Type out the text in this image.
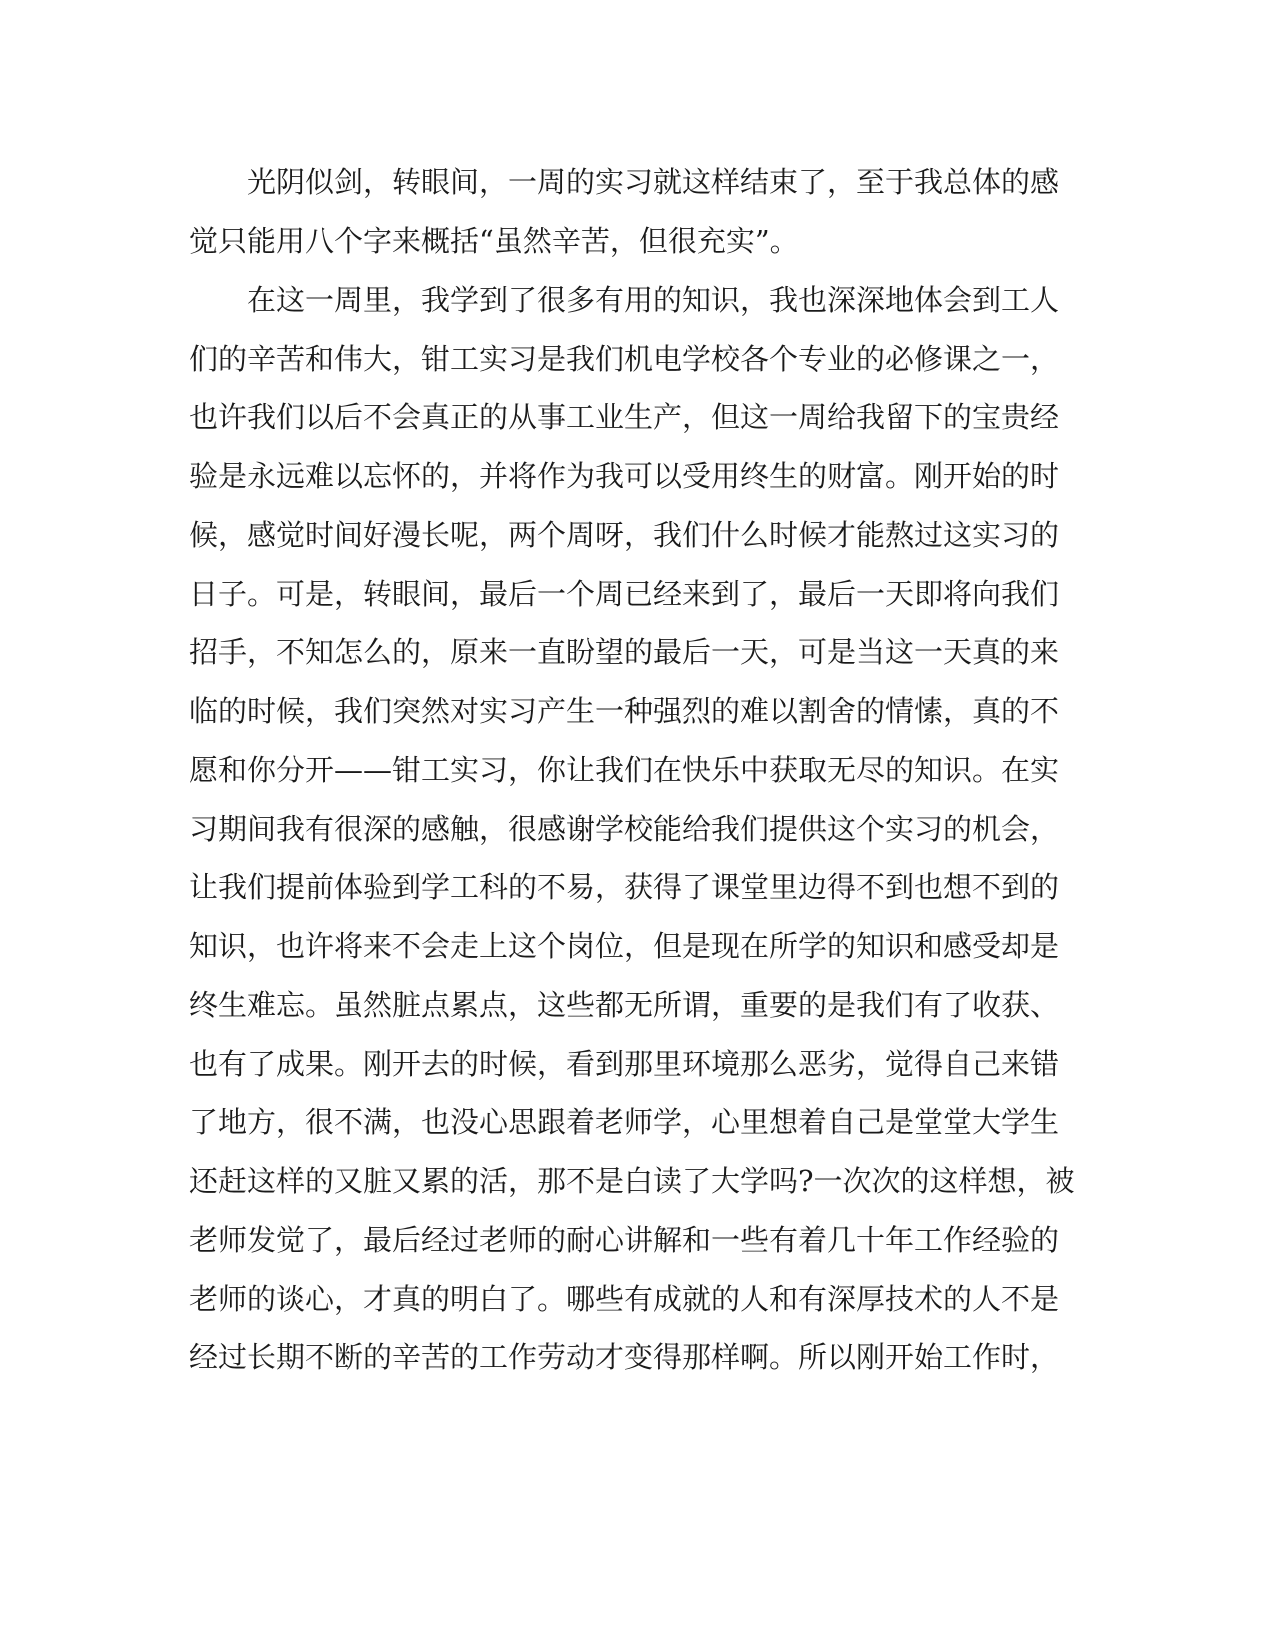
　　光阴似剑，转眼间，一周的实习就这样结束了，至于我总体的感

觉只能用八个字来概括“虽然辛苦，但很充实”。

　　在这一周里，我学到了很多有用的知识，我也深深地体会到工人

们的辛苦和伟大，钳工实习是我们机电学校各个专业的必修课之一，

也许我们以后不会真正的从事工业生产，但这一周给我留下的宝贵经

验是永远难以忘怀的，并将作为我可以受用终生的财富。刚开始的时

候，感觉时间好漫长呢，两个周呀，我们什么时候才能熬过这实习的

日子。可是，转眼间，最后一个周已经来到了，最后一天即将向我们

招手，不知怎么的，原来一直盼望的最后一天，可是当这一天真的来

临的时候，我们突然对实习产生一种强烈的难以割舍的情愫，真的不

愿和你分开——钳工实习，你让我们在快乐中获取无尽的知识。在实

习期间我有很深的感触，很感谢学校能给我们提供这个实习的机会，

让我们提前体验到学工科的不易，获得了课堂里边得不到也想不到的

知识，也许将来不会走上这个岗位，但是现在所学的知识和感受却是

终生难忘。虽然脏点累点，这些都无所谓，重要的是我们有了收获、

也有了成果。刚开去的时候，看到那里环境那么恶劣，觉得自己来错

了地方，很不满，也没心思跟着老师学，心里想着自己是堂堂大学生

还赶这样的又脏又累的活，那不是白读了大学吗?一次次的这样想，被

老师发觉了，最后经过老师的耐心讲解和一些有着几十年工作经验的

老师的谈心，才真的明白了。哪些有成就的人和有深厚技术的人不是

经过长期不断的辛苦的工作劳动才变得那样啊。所以刚开始工作时，
